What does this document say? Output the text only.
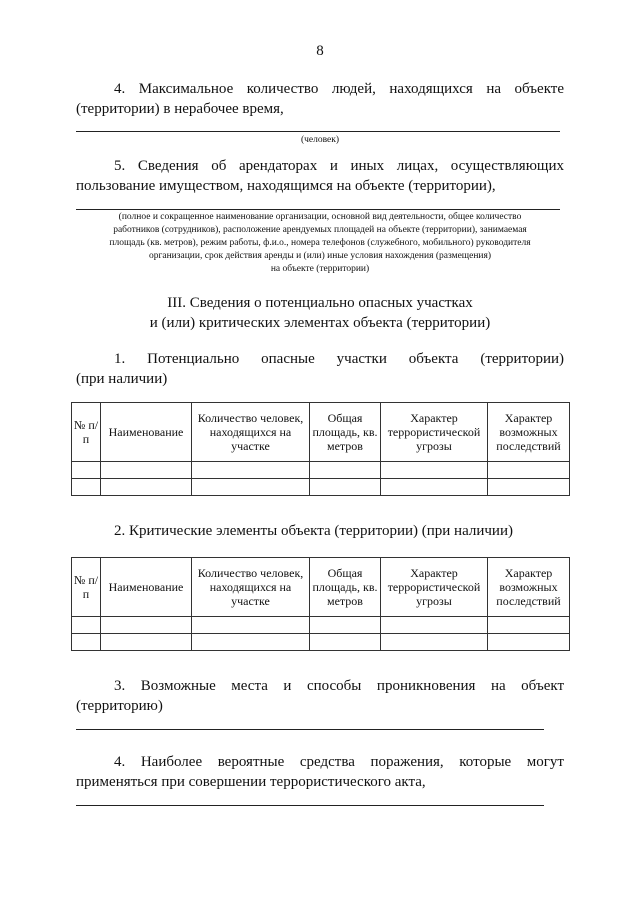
8

4. Максимальное количество людей, находящихся на объекте
(территории) в нерабочее время,

(человек)

5. Сведения об арендаторах и иных лицах, осуществляющих
пользование имуществом, находящимся на объекте (территории),

(полное и сокращенное наименование организации, основной вид деятельности, общее количество
работников (сотрудников), расположение арендуемых площадей на объекте (территории), занимаемая
площадь (кв. метров), режим работы, ф.и.о., номера телефонов (служебного, мобильного) руководителя
организации, срок действия аренды и (или) иные условия нахождения (размещения)
на объекте (территории)
III. Сведения о потенциально опасных участках
и (или) критических элементах объекта (территории)

1. Потенциально опасные участки объекта (территории)
(при наличии)

№ п/п	Наименование	Количество человек, находящихся на участке	Общая площадь, кв. метров	Характер террористической угрозы	Характер возможных последствий

2. Критические элементы объекта (территории) (при наличии)
№ п/п	Наименование	Количество человек, находящихся на участке	Общая площадь, кв. метров	Характер террористической угрозы	Характер возможных последствий

3. Возможные места и способы проникновения на объект
(территорию)

4. Наиболее вероятные средства поражения, которые могут
применяться при совершении террористического акта,
